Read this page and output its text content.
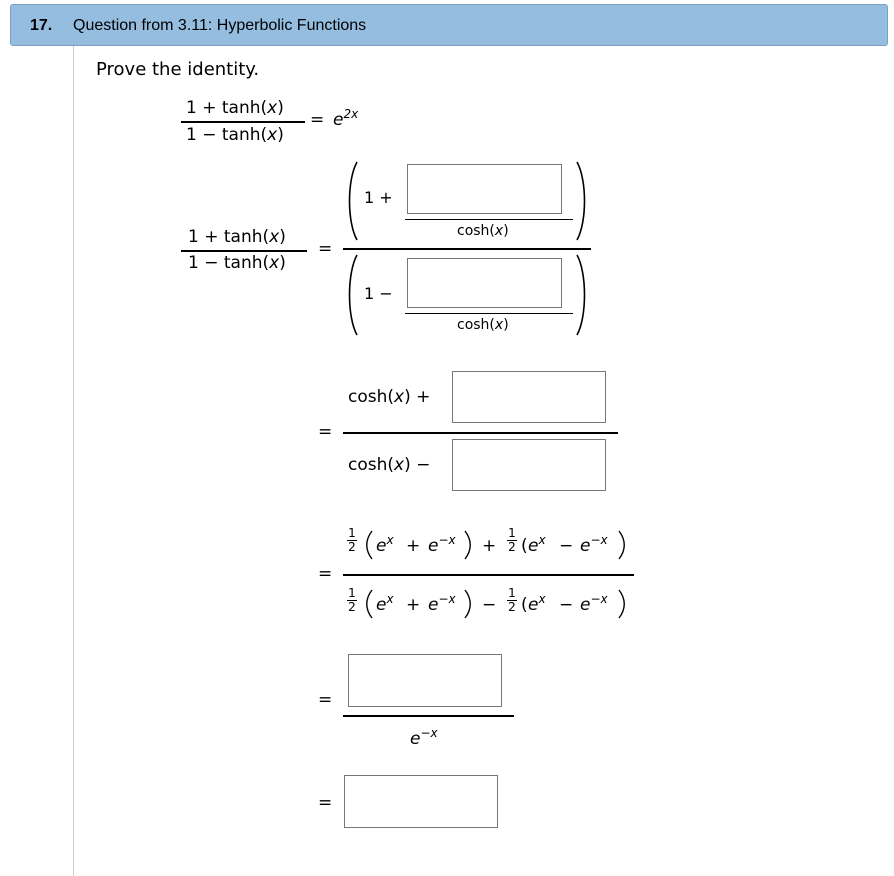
17. Question from 3.11: Hyperbolic Functions
Prove the identity.
1 + tanh(x)
1 − tanh(x)
= $e^{2x}$
1 + tanh(x)
1 − tanh(x)
=
1 +
cosh(x)
1 −
cosh(x)
=
cosh(x) +
cosh(x) −
=
$\frac{1}{2} e^x + e^{-x} + \frac{1}{2}$ ( $e^x - e^{-x}$
$\frac{1}{2} e^x + e^{-x} - \frac{1}{2}$ ( $e^x - e^{-x}$
=
$e^{-x}$
=
